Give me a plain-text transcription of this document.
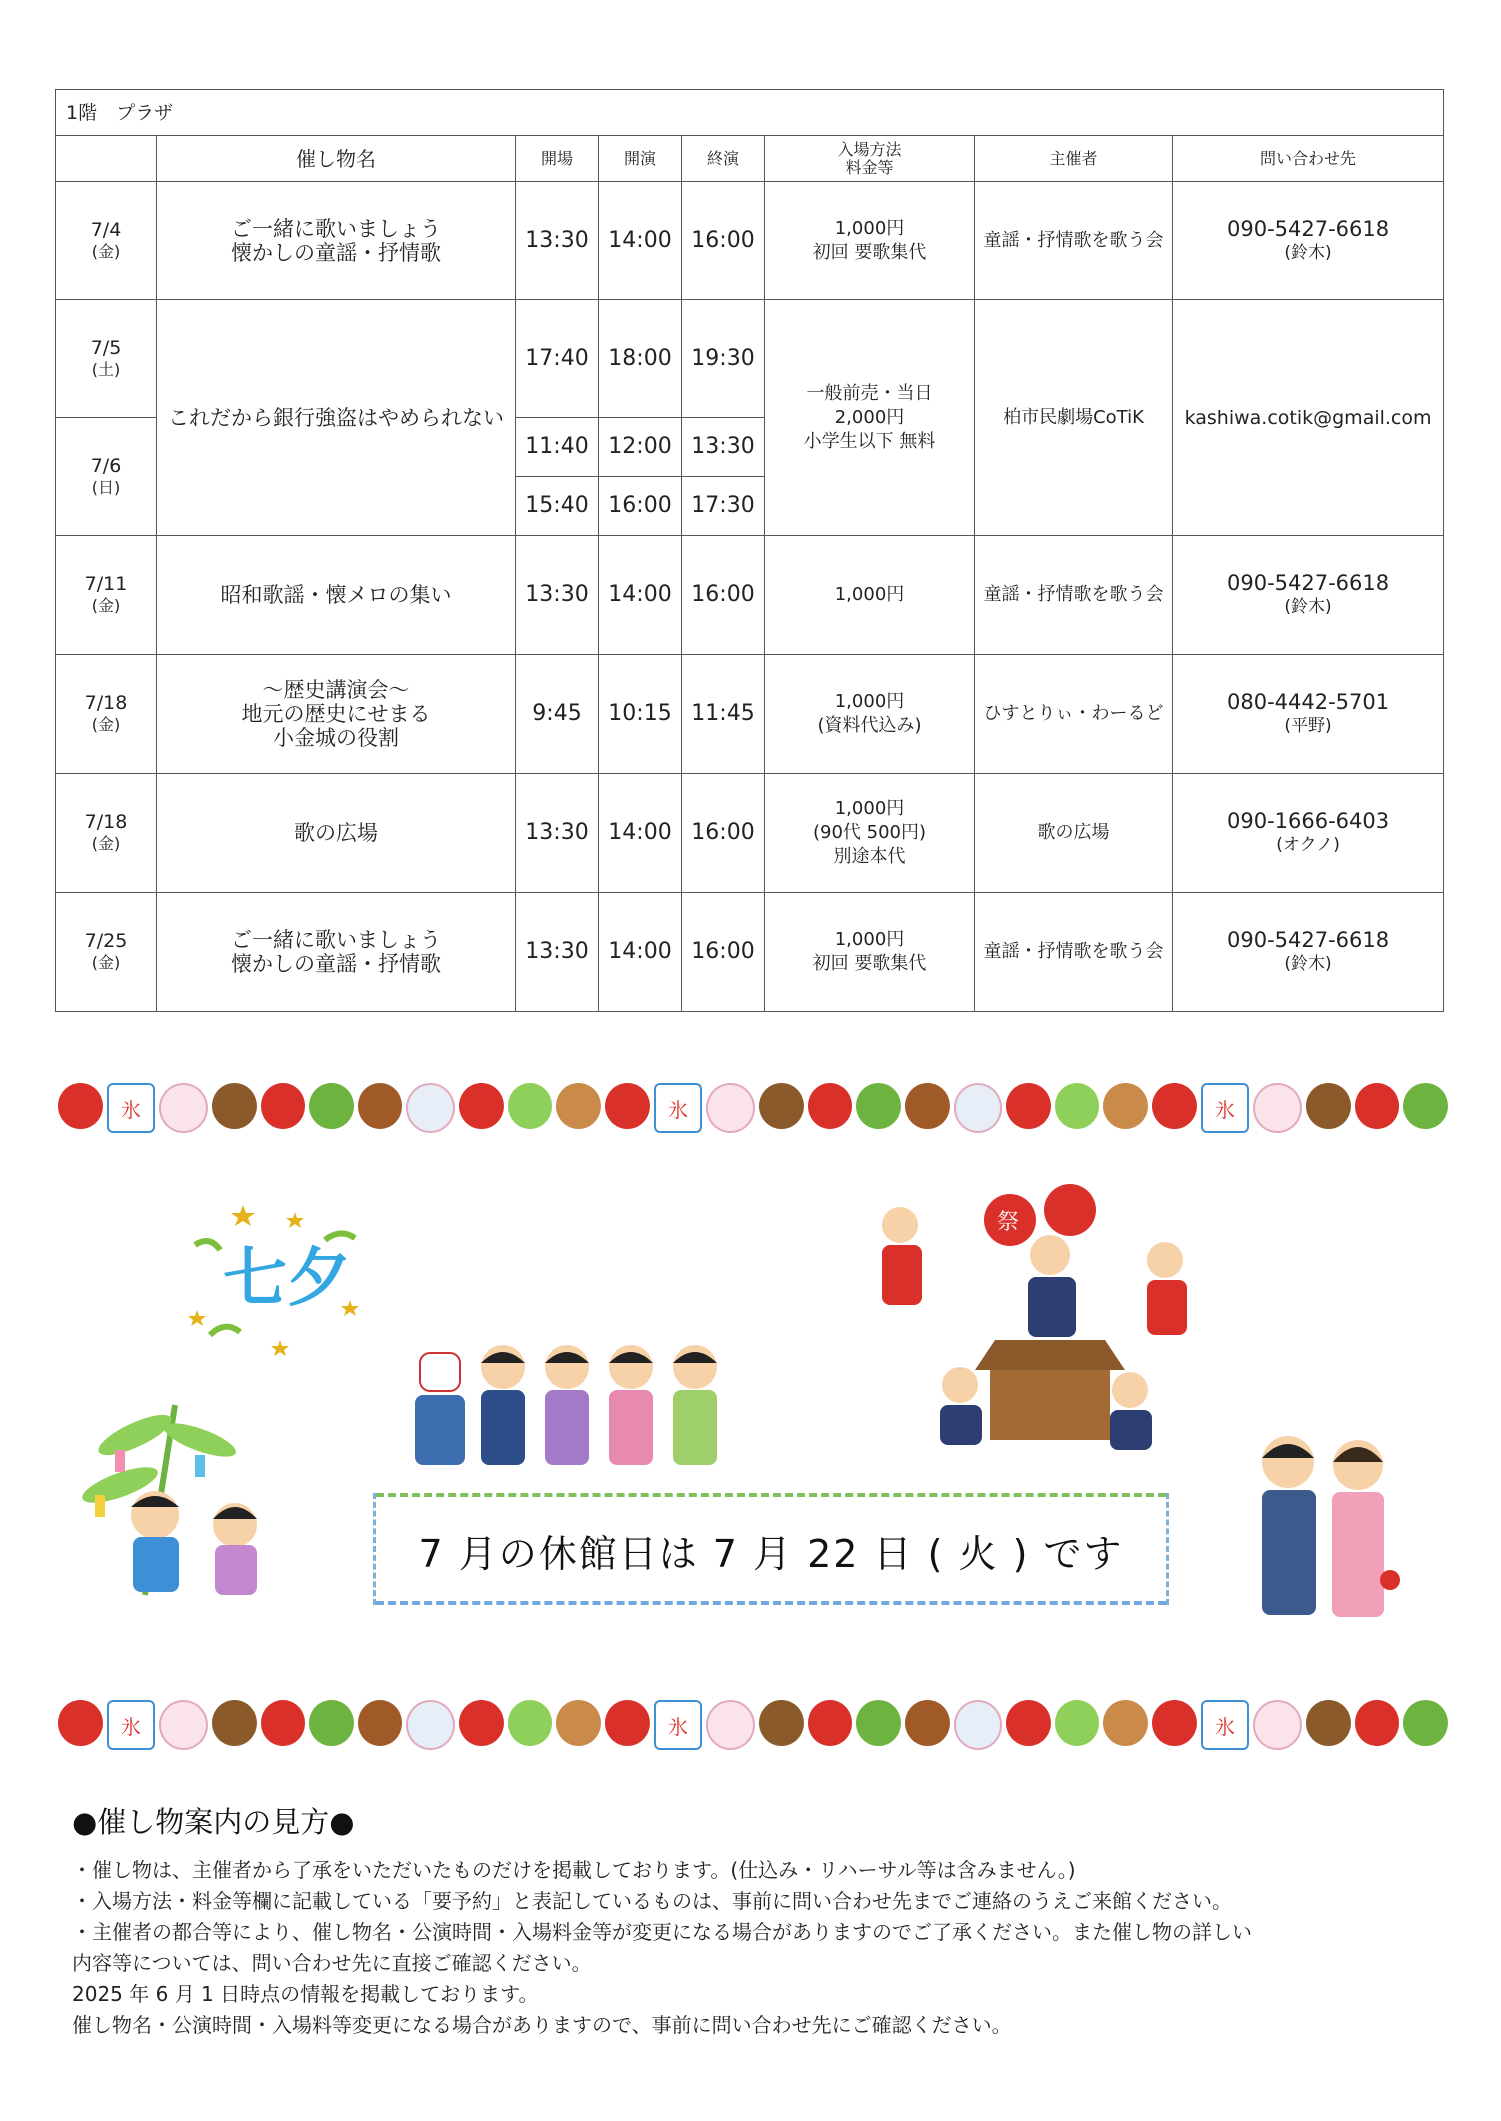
1階　プラザ							
	催し物名	開場	開演	終演	入場方法
料金等	主催者	問い合わせ先

7/4
(金)	ご一緒に歌いましょう
懐かしの童謡・抒情歌	13:30	14:00	16:00	1,000円
初回 要歌集代	童謡・抒情歌を歌う会	090-5427-6618
(鈴木)

7/5
(土)	これだから銀行強盗はやめられない	17:40	18:00	19:30	一般前売・当日
2,000円
小学生以下 無料	柏市民劇場CoTiK	kashiwa.cotik@gmail.com

7/6
(日)		11:40	12:00	13:30			
		15:40	16:00	17:30			

7/11
(金)	昭和歌謡・懐メロの集い	13:30	14:00	16:00	1,000円	童謡・抒情歌を歌う会	090-5427-6618
(鈴木)

7/18
(金)	～歴史講演会～
地元の歴史にせまる
小金城の役割	9:45	10:15	11:45	1,000円
(資料代込み)	ひすとりぃ・わーるど	080-4442-5701
(平野)

7/18
(金)	歌の広場	13:30	14:00	16:00	1,000円
(90代 500円)
別途本代	歌の広場	090-1666-6403
(オクノ)

7/25
(金)	ご一緒に歌いましょう
懐かしの童謡・抒情歌	13:30	14:00	16:00	1,000円
初回 要歌集代	童謡・抒情歌を歌う会	090-5427-6618
(鈴木)
氷	氷	氷
氷	氷	氷
七夕
祭
7 月の休館日は 7 月 22 日 ( 火 ) です
●催し物案内の見方●
・催し物は、主催者から了承をいただいたものだけを掲載しております。(仕込み・リハーサル等は含みません。)
・入場方法・料金等欄に記載している「要予約」と表記しているものは、事前に問い合わせ先までご連絡のうえご来館ください。
・主催者の都合等により、催し物名・公演時間・入場料金等が変更になる場合がありますのでご了承ください。また催し物の詳しい
内容等については、問い合わせ先に直接ご確認ください。
2025 年 6 月 1 日時点の情報を掲載しております。
催し物名・公演時間・入場料等変更になる場合がありますので、事前に問い合わせ先にご確認ください。
